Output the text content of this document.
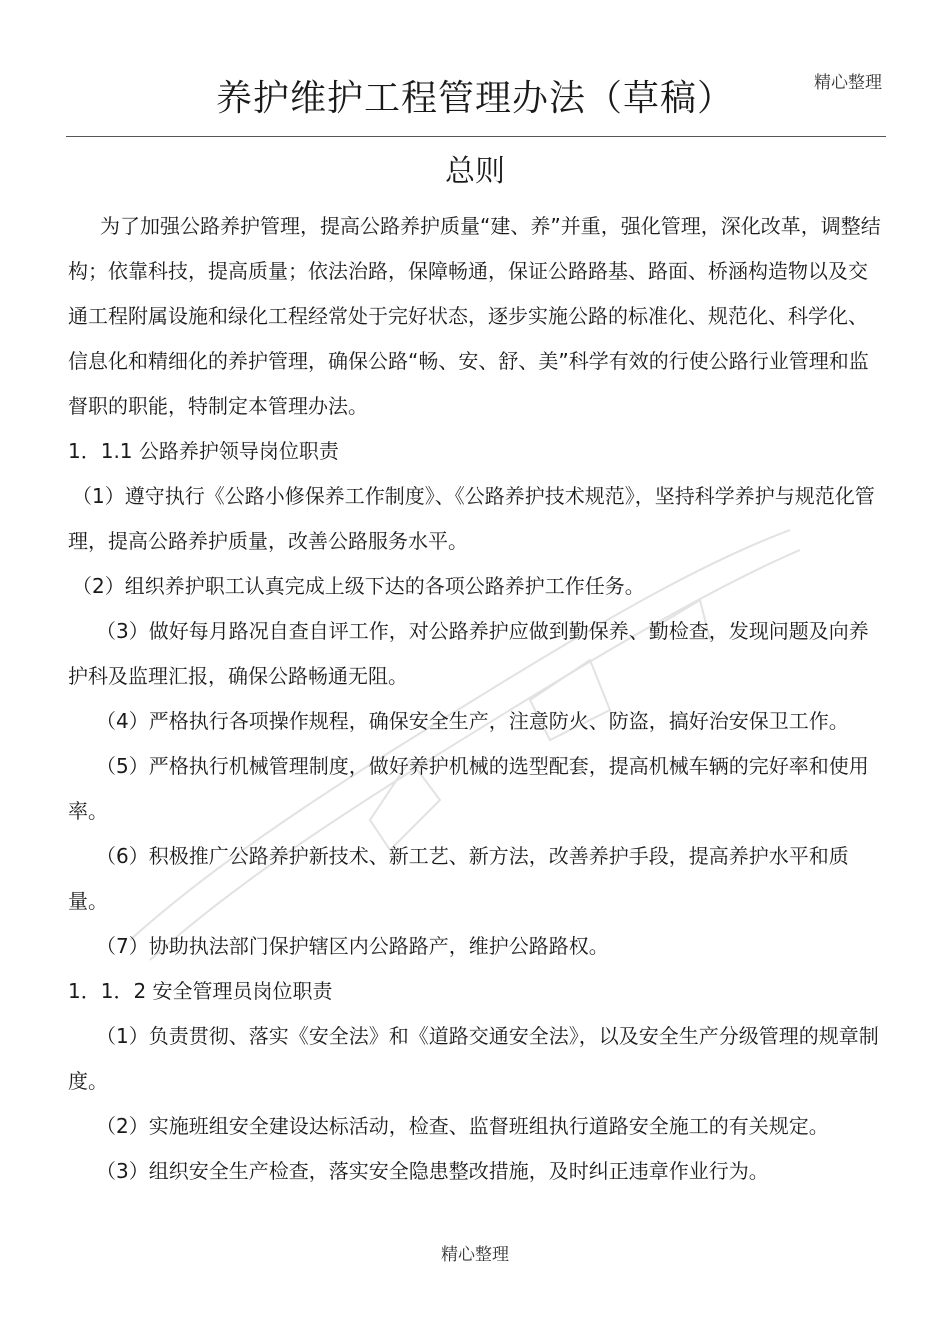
精心整理
养护维护工程管理办法（草稿）
总则

为了加强公路养护管理，提高公路养护质量“建、养”并重，强化管理，深化改革，调整结构；依靠科技，提高质量；依法治路，保障畅通，保证公路路基、路面、桥涵构造物以及交通工程附属设施和绿化工程经常处于完好状态，逐步实施公路的标准化、规范化、科学化、信息化和精细化的养护管理，确保公路“畅、安、舒、美”科学有效的行使公路行业管理和监督职的职能，特制定本管理办法。

1．1.1 公路养护领导岗位职责

（1）遵守执行《公路小修保养工作制度》、《公路养护技术规范》，坚持科学养护与规范化管理，提高公路养护质量，改善公路服务水平。

（2）组织养护职工认真完成上级下达的各项公路养护工作任务。

（3）做好每月路况自查自评工作，对公路养护应做到勤保养、勤检查，发现问题及向养护科及监理汇报，确保公路畅通无阻。

（4）严格执行各项操作规程，确保安全生产，注意防火、防盗，搞好治安保卫工作。

（5）严格执行机械管理制度，做好养护机械的选型配套，提高机械车辆的完好率和使用率。

（6）积极推广公路养护新技术、新工艺、新方法，改善养护手段，提高养护水平和质量。

（7）协助执法部门保护辖区内公路路产，维护公路路权。

1．1．2 安全管理员岗位职责

（1）负责贯彻、落实《安全法》和《道路交通安全法》，以及安全生产分级管理的规章制度。

（2）实施班组安全建设达标活动，检查、监督班组执行道路安全施工的有关规定。

（3）组织安全生产检查，落实安全隐患整改措施，及时纠正违章作业行为。

精心整理
